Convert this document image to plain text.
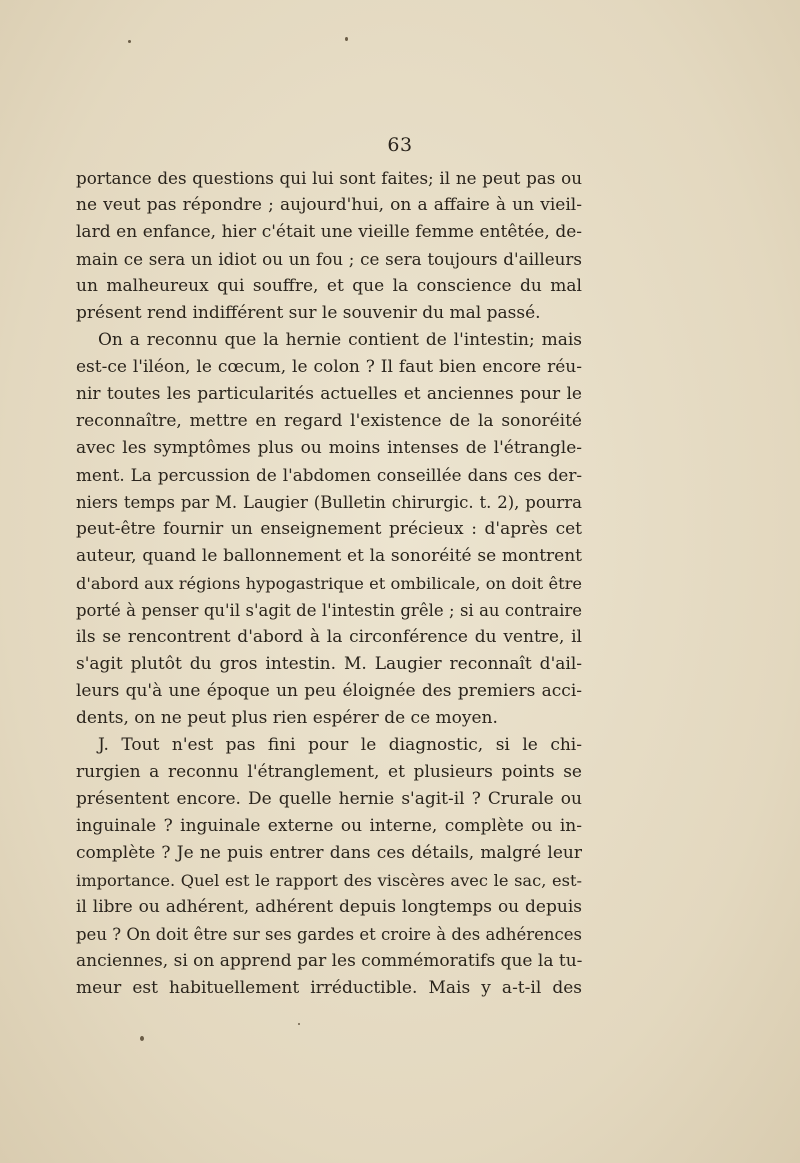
63
portance des questions qui lui sont faites; il ne peut pas ou
ne veut pas répondre ; aujourd'hui, on a affaire à un vieil-
lard en enfance, hier c'était une vieille femme entêtée, de-
main ce sera un idiot ou un fou ; ce sera toujours d'ailleurs
un malheureux qui souffre, et que la conscience du mal
présent rend indifférent sur le souvenir du mal passé.
On a reconnu que la hernie contient de l'intestin; mais
est-ce l'iléon, le cœcum, le colon ? Il faut bien encore réu-
nir toutes les particularités actuelles et anciennes pour le
reconnaître, mettre en regard l'existence de la sonoréité
avec les symptômes plus ou moins intenses de l'étrangle-
ment. La percussion de l'abdomen conseillée dans ces der-
niers temps par M. Laugier (Bulletin chirurgic. t. 2), pourra
peut-être fournir un enseignement précieux : d'après cet
auteur, quand le ballonnement et la sonoréité se montrent
d'abord aux régions hypogastrique et ombilicale, on doit être
porté à penser qu'il s'agit de l'intestin grêle ; si au contraire
ils se rencontrent d'abord à la circonférence du ventre, il
s'agit plutôt du gros intestin. M. Laugier reconnaît d'ail-
leurs qu'à une époque un peu éloignée des premiers acci-
dents, on ne peut plus rien espérer de ce moyen.
J. Tout n'est pas fini pour le diagnostic, si le chi-
rurgien a reconnu l'étranglement, et plusieurs points se
présentent encore. De quelle hernie s'agit-il ? Crurale ou
inguinale ? inguinale externe ou interne, complète ou in-
complète ? Je ne puis entrer dans ces détails, malgré leur
importance. Quel est le rapport des viscères avec le sac, est-
il libre ou adhérent, adhérent depuis longtemps ou depuis
peu ? On doit être sur ses gardes et croire à des adhérences
anciennes, si on apprend par les commémoratifs que la tu-
meur est habituellement irréductible. Mais y a-t-il des
